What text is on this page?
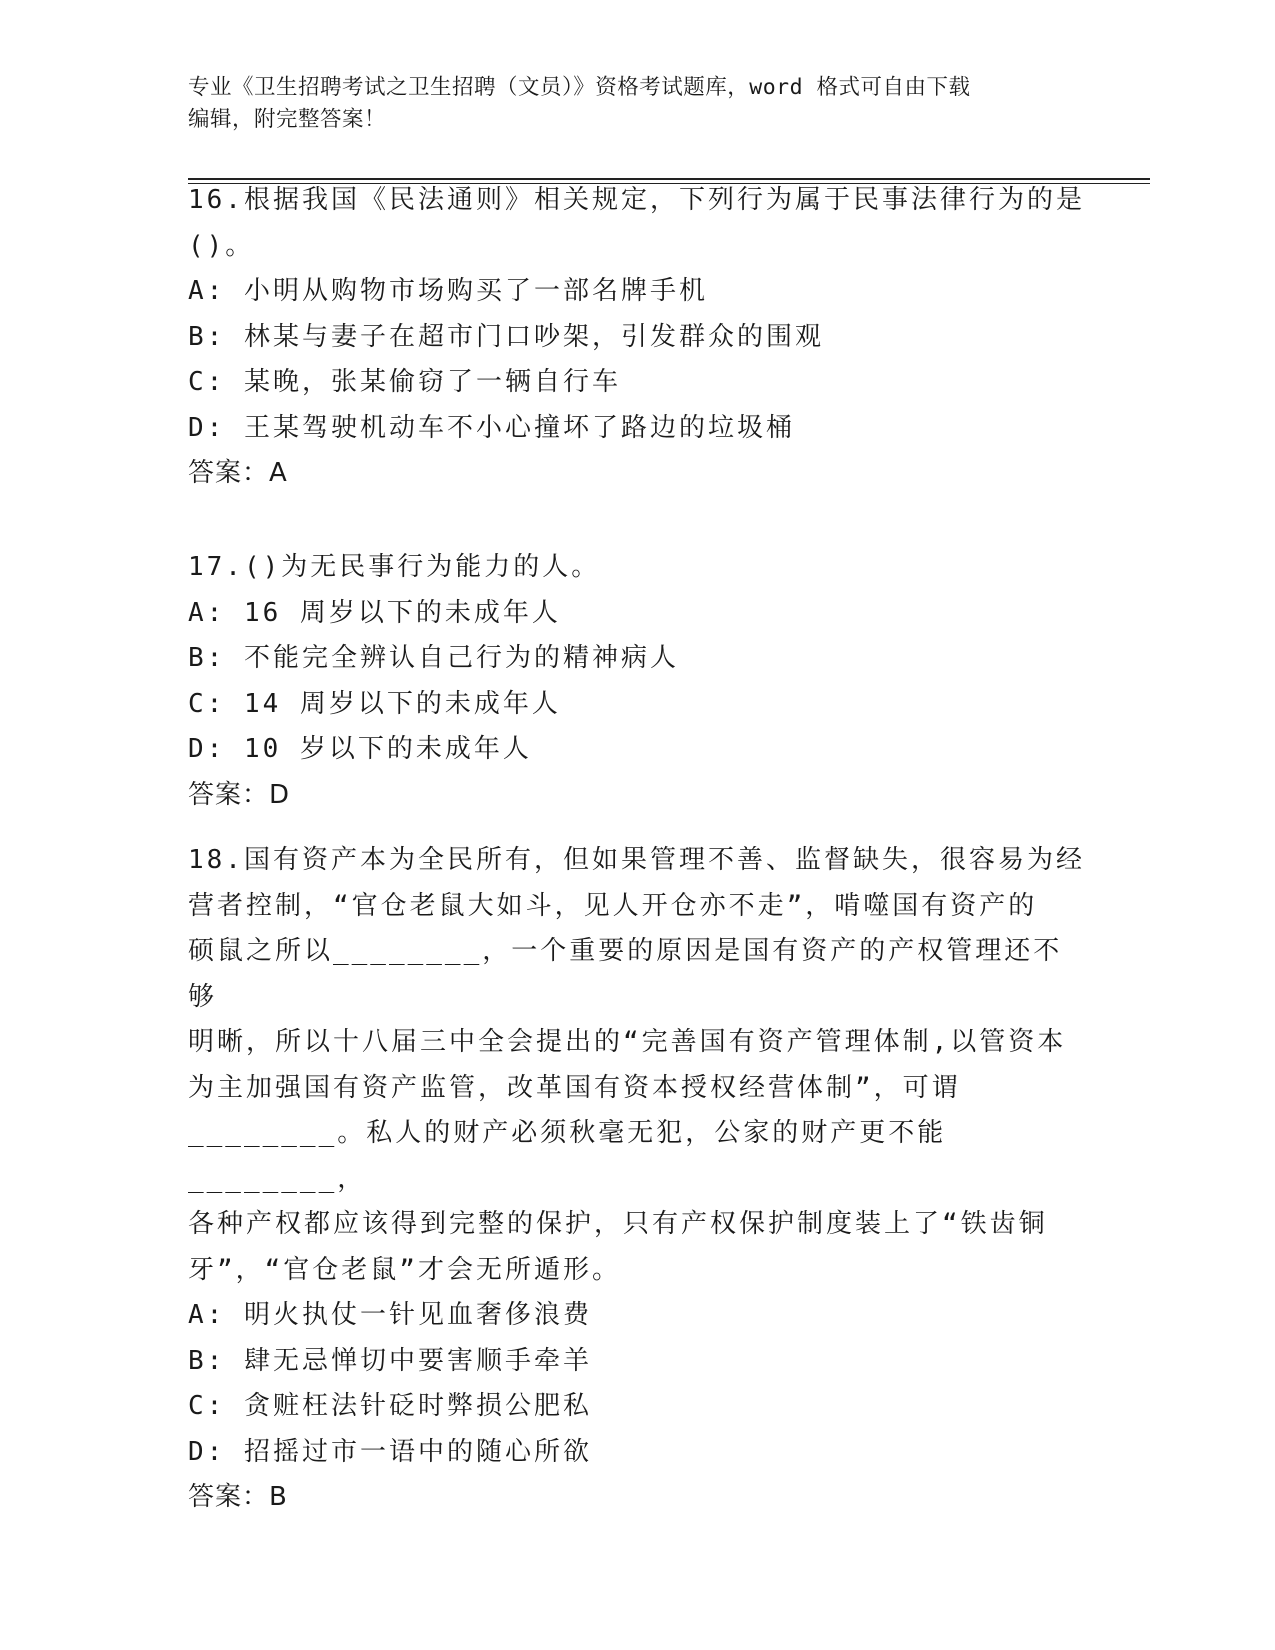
专业《卫生招聘考试之卫生招聘（文员）》资格考试题库，word 格式可自由下载
编辑，附完整答案！

16.根据我国《民法通则》相关规定，下列行为属于民事法律行为的是

()。

A: 小明从购物市场购买了一部名牌手机

B: 林某与妻子在超市门口吵架，引发群众的围观

C: 某晚，张某偷窃了一辆自行车

D: 王某驾驶机动车不小心撞坏了路边的垃圾桶

答案：A

17.()为无民事行为能力的人。

A: 16 周岁以下的未成年人

B: 不能完全辨认自己行为的精神病人

C: 14 周岁以下的未成年人

D: 10 岁以下的未成年人

答案：D

18.国有资产本为全民所有，但如果管理不善、监督缺失，很容易为经

营者控制，“官仓老鼠大如斗，见人开仓亦不走”，啃噬国有资产的

硕鼠之所以________，一个重要的原因是国有资产的产权管理还不够

明晰，所以十八届三中全会提出的“完善国有资产管理体制,以管资本

为主加强国有资产监管，改革国有资本授权经营体制”，可谓

________。私人的财产必须秋毫无犯，公家的财产更不能________，

各种产权都应该得到完整的保护，只有产权保护制度装上了“铁齿铜

牙”，“官仓老鼠”才会无所遁形。

A: 明火执仗一针见血奢侈浪费

B: 肆无忌惮切中要害顺手牵羊

C: 贪赃枉法针砭时弊损公肥私

D: 招摇过市一语中的随心所欲

答案：B
